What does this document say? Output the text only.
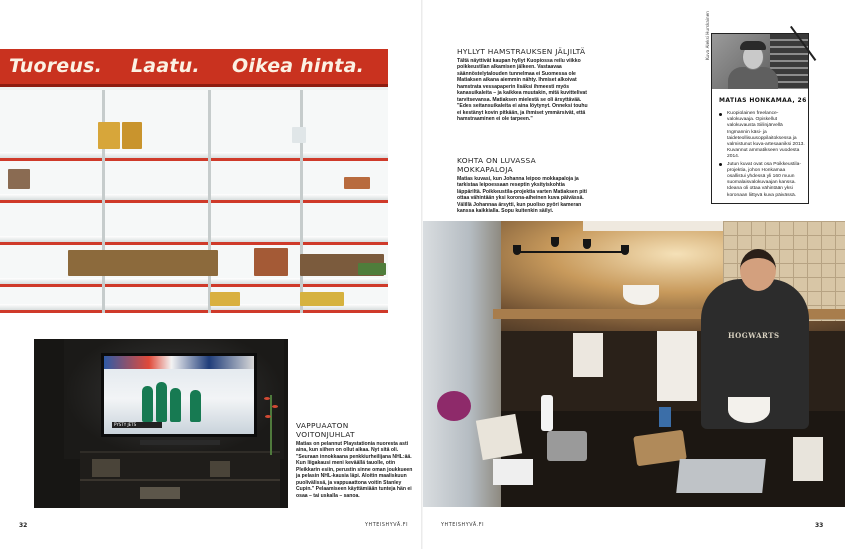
Tuoreus. Laatu. Oikea hinta.
PYSTY JETS	VAPPUAATON
VOITONJUHLAT
Matias on pelannut Playstationia nuoresta asti aina, kun siihen on ollut aikaa. Nyt sitä oli. "Seuraan innokkaana penkkiurheilijana NHL:ää. Kun liigakausi meni keväällä tauolle, otin Pleikkarin esiin, perustin sinne oman joukkueen ja pelasin NHL-kausia läpi. Aloitin maaliskuun puolivälissä, ja vappuaattona voitin Stanley Cupin." Pelaamiseen käyttämiään tunteja hän ei osaa – tai uskalla – sanoa.
32	YHTEISHYVÄ.FI
HYLLYT HAMSTRAUKSEN JÄLJILTÄ
Tältä näyttivät kaupan hyllyt Kuopiossa reilu viikko poikkeustilan alkamisen jälkeen. Vastaavaa säännöstelytalouden tunnelmaa ei Suomessa ole Matiaksen aikana aiemmin nähty. Ihmiset alkoivat hamstrata vessapaperin lisäksi ihmeesti myös kanasuikaleita – ja kaikkea muutakin, mitä kuvittelivat tarvitsevansa. Matiaksen mielestä se oli ärsyttävää. "Edes seitansuikaleita ei aina löytynyt. Onneksi touhu ei kestänyt kovin pitkään, ja ihmiset ymmärsivät, että hamstraaminen ei ole tarpeen."
KOHTA ON LUVASSA MOKKAPALOJA
Matias kuvasi, kun Johanna leipoo mokkapaloja ja tarkistaa leipoessaan reseptin yksityiskohtia läppäriltä. Poikkeustila-projektia varten Matiaksen piti ottaa vähintään yksi korona-aiheinen kuva päivässä. Välillä Johannaa ärsytti, kun puoliso pyöri kameran kanssa kaikkialla. Sopu kuitenkin säilyi.
Kuva Aleksi Hurskainen
MATIAS HONKAMAA, 26
Kuopiolainen freelance-valokuvaaja. Opiskellut valokuvausta Siilinjärvellä Ingmannin käsi- ja taideteollisuusoppilaitoksessa ja valmistunut kuva-artesaaniksi 2013. Kuvannut ammatikseen vuodesta 2014.
Jutun kuvat ovat osa Poikkeustila-projektia, johon Honkamaa osallistui yhdessä yli 160 muun suomalaisvalokuvaajan kanssa. Ideana oli ottaa vähintään yksi koronaan liittyvä kuva päivässä.
HOGWARTS
YHTEISHYVÄ.FI	33
